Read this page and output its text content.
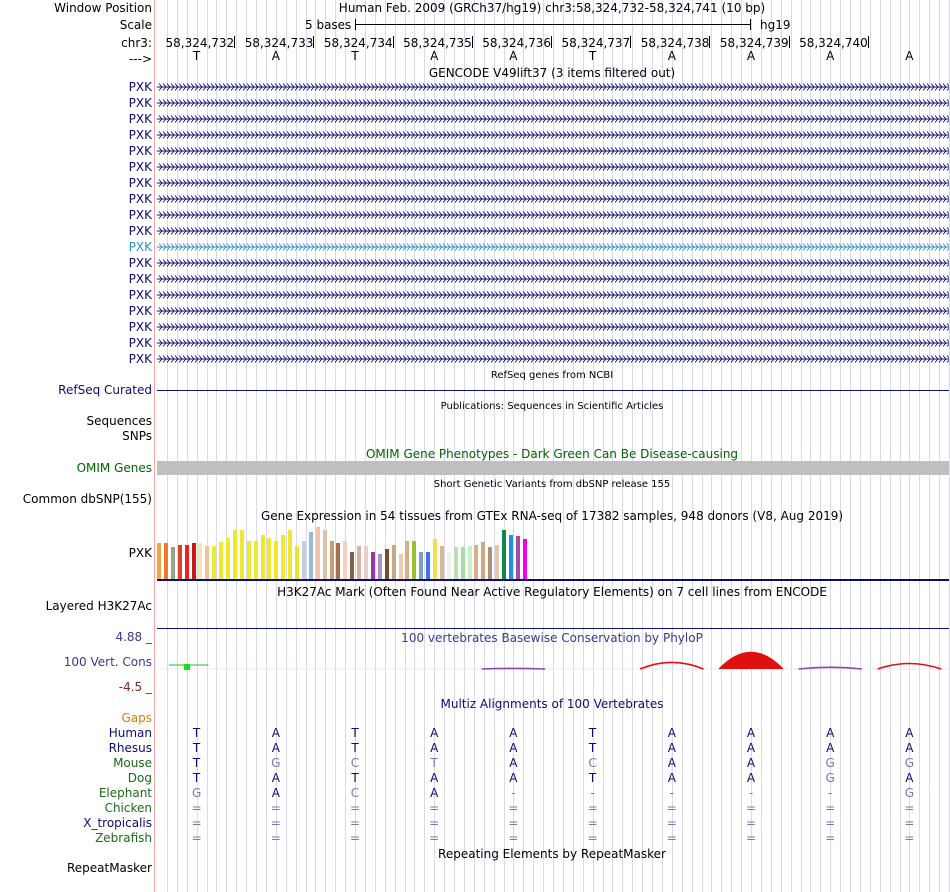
Window Position	Human Feb. 2009 (GRCh37/hg19) chr3:58,324,732-58,324,741 (10 bp)
Scale	5 bases	hg19
chr3: 58,324,732 58,324,733 58,324,734 58,324,735 58,324,736 58,324,737 58,324,738 58,324,739 58,324,740
--->	T	A	T	A	A	T	A	A	A	A
GENCODE V49lift37 (3 items filtered out)
PXK
PXK
PXK
PXK
PXK
PXK
PXK
PXK
PXK
PXK
PXK
PXK
PXK
PXK
PXK
PXK
PXK
PXK
RefSeq genes from NCBI
RefSeq Curated
Publications: Sequences in Scientific Articles
Sequences
SNPs
OMIM Gene Phenotypes - Dark Green Can Be Disease-causing
OMIM Genes
Short Genetic Variants from dbSNP release 155
Common dbSNP(155)
Gene Expression in 54 tissues from GTEx RNA-seq of 17382 samples, 948 donors (V8, Aug 2019)
PXK
H3K27Ac Mark (Often Found Near Active Regulatory Elements) on 7 cell lines from ENCODE
Layered H3K27Ac
100 vertebrates Basewise Conservation by PhyloP
4.88 _
100 Vert. Cons
-4.5 _
Multiz Alignments of 100 Vertebrates
Gaps
Human	T	A	T	A	A	T	A	A	A	A
Rhesus	T	A	T	A	A	T	A	A	A	A
Mouse	T	G	C	T	A	C	A	A	G	G
Dog	T	A	T	A	A	T	A	A	G	A
Elephant	G	A	C	A	-	-	-	-	-	G
Chicken	=	=	=	=	=	=	=	=	=	=
X_tropicalis	=	=	=	=	=	=	=	=	=	=
Zebrafish	=	=	=	=	=	=	=	=	=	=
Repeating Elements by RepeatMasker
RepeatMasker
